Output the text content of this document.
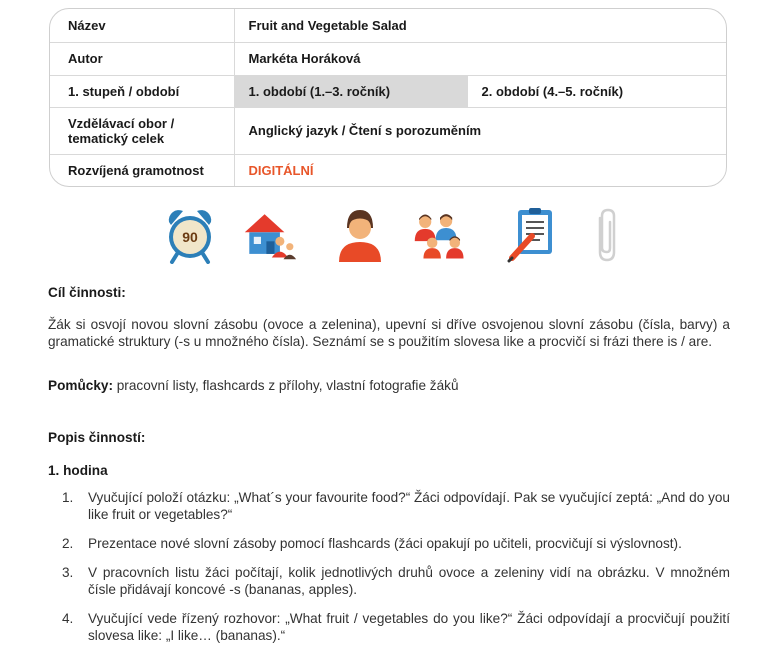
Název	Fruit and Vegetable Salad	
Autor	Markéta Horáková	
1. stupeň / období	1. období (1.–3. ročník)	2. období (4.–5. ročník)
Vzdělávací obor / tematický celek	Anglický jazyk / Čtení s porozuměním	
Rozvíjená gramotnost	DIGITÁLNÍ	
90
Cíl činnosti:

Žák si osvojí novou slovní zásobu (ovoce a zelenina), upevní si dříve osvojenou slovní zásobu (čísla, barvy) a gramatické struktury (-s u množného čísla). Seznámí se s použitím slovesa like a procvičí si frázi there is / are.

Pomůcky: pracovní listy, flashcards z přílohy, vlastní fotografie žáků

Popis činností:
1. hodina
1. Vyučující položí otázku: „What´s your favourite food?“ Žáci odpovídají. Pak se vyučující zeptá: „And do you like fruit or vegetables?“
2. Prezentace nové slovní zásoby pomocí flashcards (žáci opakují po učiteli, procvičují si výslovnost).
3. V pracovních listu žáci počítají, kolik jednotlivých druhů ovoce a zeleniny vidí na obrázku. V množném čísle přidávají koncové -s (bananas, apples).
4. Vyučující vede řízený rozhovor: „What fruit / vegetables do you like?“ Žáci odpovídají a procvičují použití slovesa like: „I like… (bananas).“
